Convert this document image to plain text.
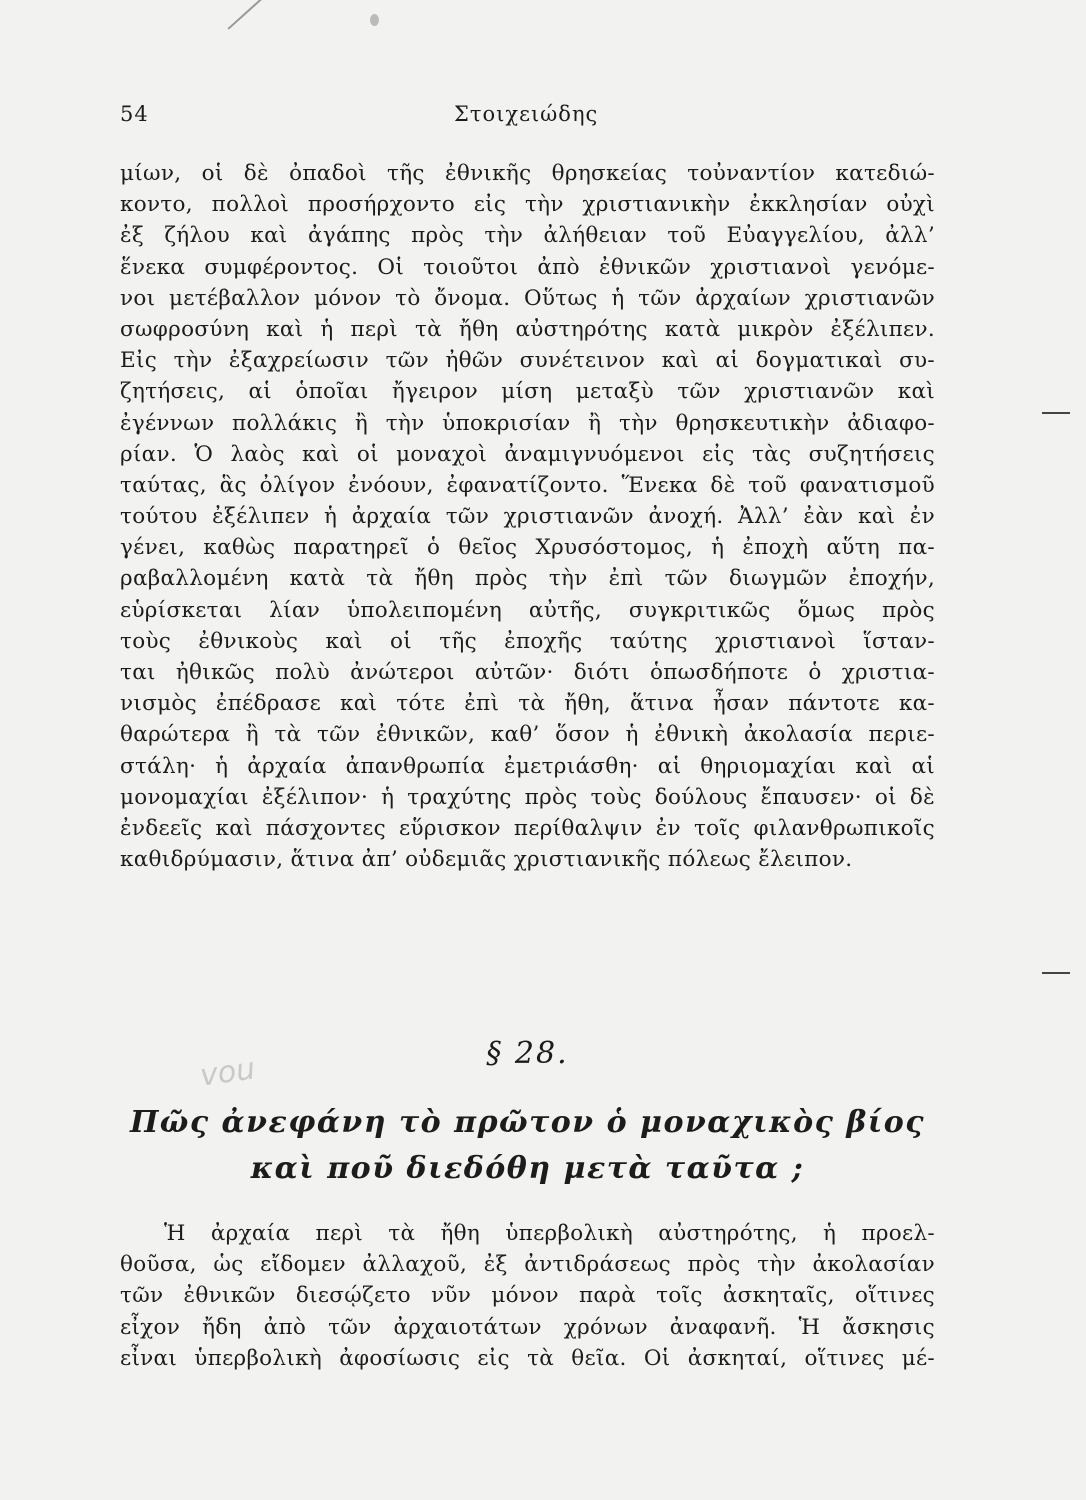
54	Στοιχειώδης
μίων, οἱ δὲ ὀπαδοὶ τῆς ἐθνικῆς θρησκείας τοὐναντίον κατεδιώ-
κοντο, πολλοὶ προσήρχοντο εἰς τὴν χριστιανικὴν ἐκκλησίαν οὐχὶ
ἐξ ζήλου καὶ ἀγάπης πρὸς τὴν ἀλήθειαν τοῦ Εὐαγγελίου, ἀλλ’
ἕνεκα συμφέροντος. Οἱ τοιοῦτοι ἀπὸ ἐθνικῶν χριστιανοὶ γενόμε-
νοι μετέβαλλον μόνον τὸ ὄνομα. Οὕτως ἡ τῶν ἀρχαίων χριστιανῶν
σωφροσύνη καὶ ἡ περὶ τὰ ἤθη αὐστηρότης κατὰ μικρὸν ἐξέλιπεν.
Εἰς τὴν ἐξαχρείωσιν τῶν ἠθῶν συνέτεινον καὶ αἱ δογματικαὶ συ-
ζητήσεις, αἱ ὁποῖαι ἤγειρον μίση μεταξὺ τῶν χριστιανῶν καὶ
ἐγέννων πολλάκις ἢ τὴν ὑποκρισίαν ἢ τὴν θρησκευτικὴν ἀδιαφο-
ρίαν. Ὁ λαὸς καὶ οἱ μοναχοὶ ἀναμιγνυόμενοι εἰς τὰς συζητήσεις
ταύτας, ἃς ὀλίγον ἐνόουν, ἐφανατίζοντο. Ἕνεκα δὲ τοῦ φανατισμοῦ
τούτου ἐξέλιπεν ἡ ἀρχαία τῶν χριστιανῶν ἀνοχή. Ἀλλ’ ἐὰν καὶ ἐν
γένει, καθὼς παρατηρεῖ ὁ θεῖος Χρυσόστομος, ἡ ἐποχὴ αὕτη πα-
ραβαλλομένη κατὰ τὰ ἤθη πρὸς τὴν ἐπὶ τῶν διωγμῶν ἐποχήν,
εὑρίσκεται λίαν ὑπολειπομένη αὐτῆς, συγκριτικῶς ὅμως πρὸς
τοὺς ἐθνικοὺς καὶ οἱ τῆς ἐποχῆς ταύτης χριστιανοὶ ἵσταν-
ται ἠθικῶς πολὺ ἀνώτεροι αὐτῶν· διότι ὁπωσδήποτε ὁ χριστια-
νισμὸς ἐπέδρασε καὶ τότε ἐπὶ τὰ ἤθη, ἅτινα ἦσαν πάντοτε κα-
θαρώτερα ἢ τὰ τῶν ἐθνικῶν, καθ’ ὅσον ἡ ἐθνικὴ ἀκολασία περιε-
στάλη· ἡ ἀρχαία ἀπανθρωπία ἐμετριάσθη· αἱ θηριομαχίαι καὶ αἱ
μονομαχίαι ἐξέλιπον· ἡ τραχύτης πρὸς τοὺς δούλους ἔπαυσεν· οἱ δὲ
ἐνδεεῖς καὶ πάσχοντες εὕρισκον περίθαλψιν ἐν τοῖς φιλανθρωπικοῖς
καθιδρύμασιν, ἅτινα ἀπ’ οὐδεμιᾶς χριστιανικῆς πόλεως ἔλειπον.
§ 28.
vou
Πῶς ἀνεφάνη τὸ πρῶτον ὁ μοναχικὸς βίος
καὶ ποῦ διεδόθη μετὰ ταῦτα ;
Ἡ ἀρχαία περὶ τὰ ἤθη ὑπερβολικὴ αὐστηρότης, ἡ προελ-
θοῦσα, ὡς εἴδομεν ἀλλαχοῦ, ἐξ ἀντιδράσεως πρὸς τὴν ἀκολασίαν
τῶν ἐθνικῶν διεσῴζετο νῦν μόνον παρὰ τοῖς ἀσκηταῖς, οἵτινες
εἶχον ἤδη ἀπὸ τῶν ἀρχαιοτάτων χρόνων ἀναφανῆ. Ἡ ἄσκησις
εἶναι ὑπερβολικὴ ἀφοσίωσις εἰς τὰ θεῖα. Οἱ ἀσκηταί, οἵτινες μέ-
